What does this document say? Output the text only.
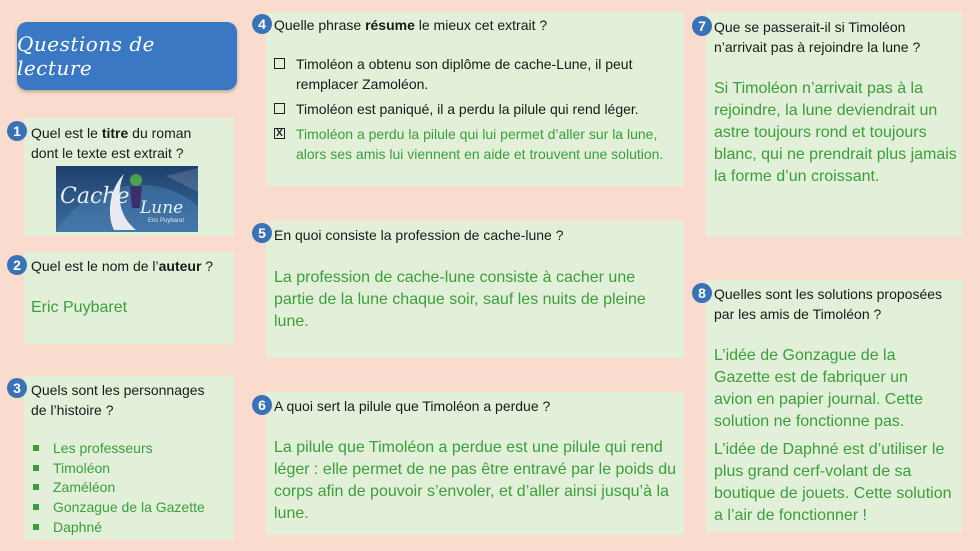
Questions de lecture
1 Quel est le titre du roman dont le texte est extrait ?
Cache Lune
Eric Puybaret
2 Quel est le nom de l’auteur ?
Eric Puybaret
3 Quels sont les personnages de l’histoire ?
Les professeurs
Timoléon
Zaméléon
Gonzague de la Gazette
Daphné
4 Quelle phrase résume le mieux cet extrait ?
Timoléon a obtenu son diplôme de cache-Lune, il peut remplacer Zamoléon.
Timoléon est paniqué, il a perdu la pilule qui rend léger.
X Timoléon a perdu la pilule qui lui permet d’aller sur la lune, alors ses amis lui viennent en aide et trouvent une solution.
5 En quoi consiste la profession de cache-lune ?
La profession de cache-lune consiste à cacher une partie de la lune chaque soir, sauf les nuits de pleine lune.
6 A quoi sert la pilule que Timoléon a perdue ?
La pilule que Timoléon a perdue est une pilule qui rend léger : elle permet de ne pas être entravé par le poids du corps afin de pouvoir s’envoler, et d’aller ainsi jusqu’à la lune.
7 Que se passerait-il si Timoléon n’arrivait pas à rejoindre la lune ?
Si Timoléon n’arrivait pas à la rejoindre, la lune deviendrait un astre toujours rond et toujours blanc, qui ne prendrait plus jamais la forme d’un croissant.
8 Quelles sont les solutions proposées par les amis de Timoléon ?
L’idée de Gonzague de la Gazette est de fabriquer un avion en papier journal. Cette solution ne fonctionne pas.
L’idée de Daphné est d’utiliser le plus grand cerf-volant de sa boutique de jouets. Cette solution a l’air de fonctionner !
